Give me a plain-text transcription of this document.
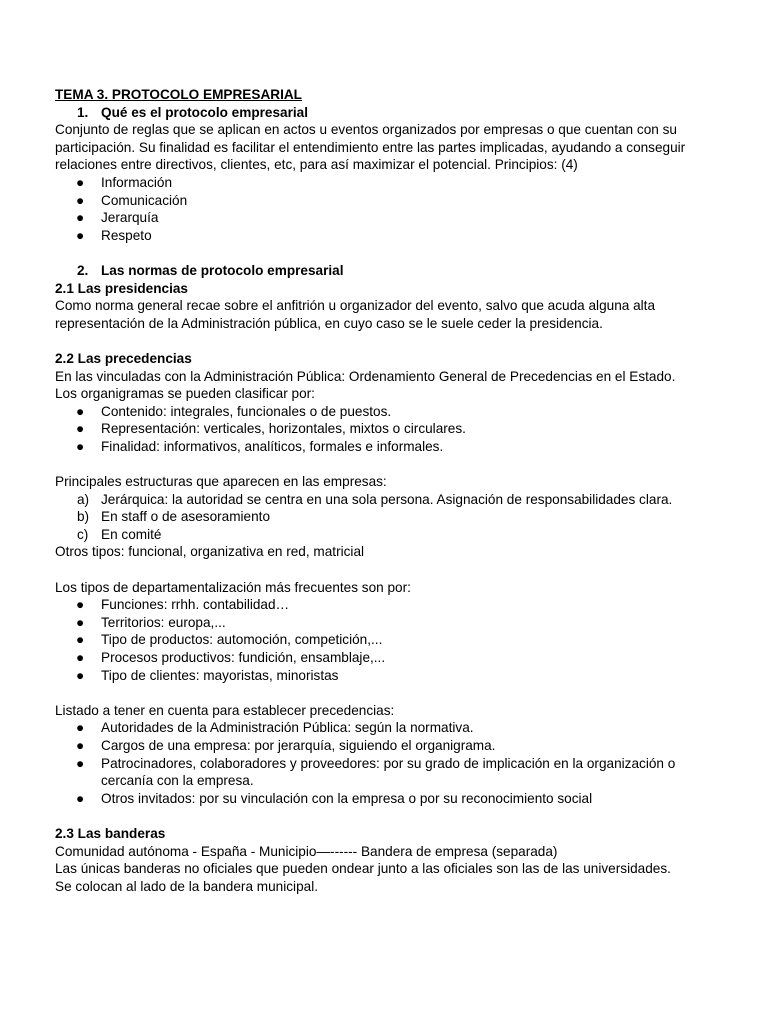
TEMA 3. PROTOCOLO EMPRESARIAL
1. Qué es el protocolo empresarial
Conjunto de reglas que se aplican en actos u eventos organizados por empresas o que cuentan con su
participación. Su finalidad es facilitar el entendimiento entre las partes implicadas, ayudando a conseguir
relaciones entre directivos, clientes, etc, para así maximizar el potencial. Principios: (4)
● Información
● Comunicación
● Jerarquía
● Respeto
2. Las normas de protocolo empresarial
2.1 Las presidencias
Como norma general recae sobre el anfitrión u organizador del evento, salvo que acuda alguna alta
representación de la Administración pública, en cuyo caso se le suele ceder la presidencia.
2.2 Las precedencias
En las vinculadas con la Administración Pública: Ordenamiento General de Precedencias en el Estado.
Los organigramas se pueden clasificar por:
● Contenido: integrales, funcionales o de puestos.
● Representación: verticales, horizontales, mixtos o circulares.
● Finalidad: informativos, analíticos, formales e informales.
Principales estructuras que aparecen en las empresas:
a) Jerárquica: la autoridad se centra en una sola persona. Asignación de responsabilidades clara.
b) En staff o de asesoramiento
c) En comité
Otros tipos: funcional, organizativa en red, matricial
Los tipos de departamentalización más frecuentes son por:
● Funciones: rrhh. contabilidad…
● Territorios: europa,...
● Tipo de productos: automoción, competición,...
● Procesos productivos: fundición, ensamblaje,...
● Tipo de clientes: mayoristas, minoristas
Listado a tener en cuenta para establecer precedencias:
● Autoridades de la Administración Pública: según la normativa.
● Cargos de una empresa: por jerarquía, siguiendo el organigrama.
● Patrocinadores, colaboradores y proveedores: por su grado de implicación en la organización o cercanía con la empresa.
● Otros invitados: por su vinculación con la empresa o por su reconocimiento social
2.3 Las banderas
Comunidad autónoma - España - Municipio—------ Bandera de empresa (separada)
Las únicas banderas no oficiales que pueden ondear junto a las oficiales son las de las universidades.
Se colocan al lado de la bandera municipal.
